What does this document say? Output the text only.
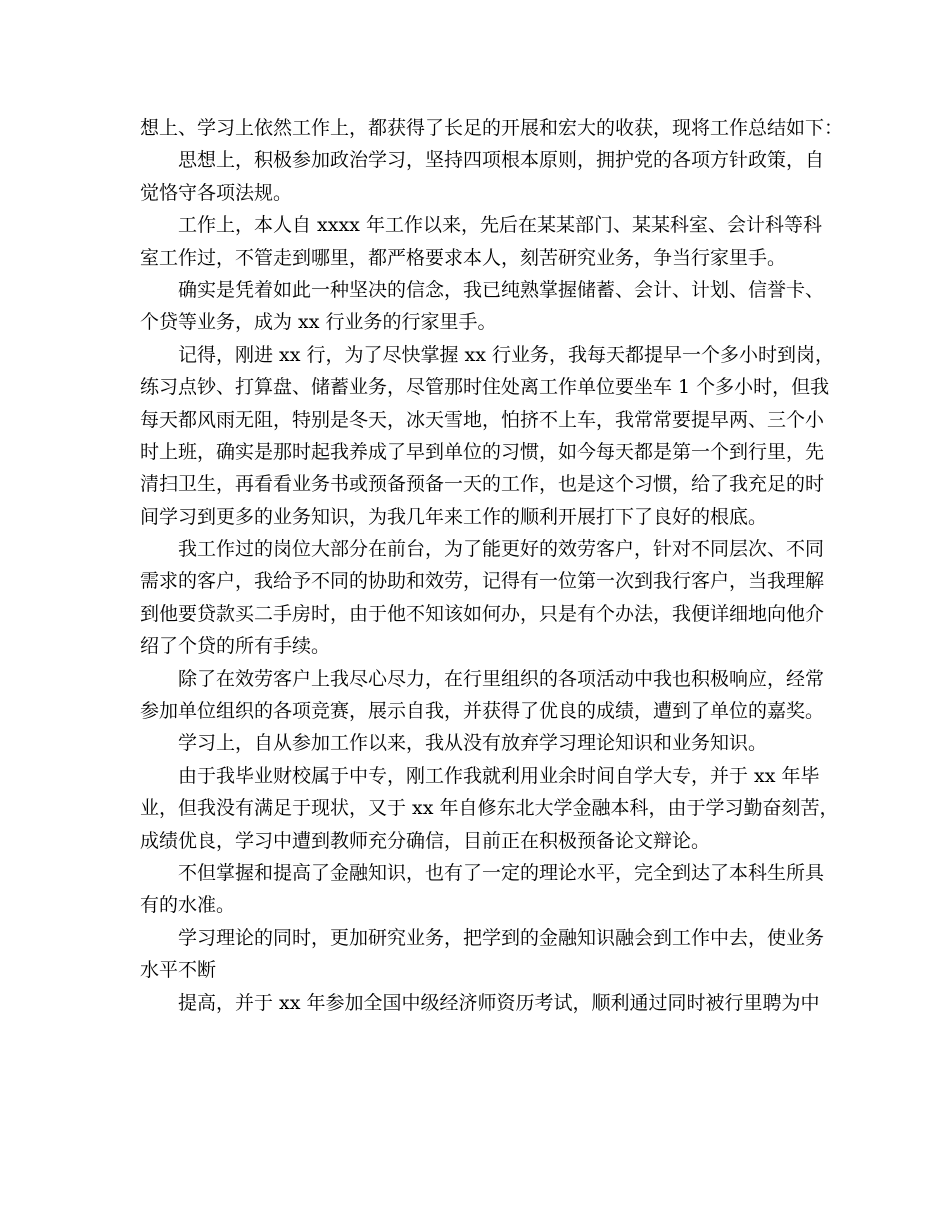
想上、学习上依然工作上，都获得了长足的开展和宏大的收获，现将工作总结如下：
思想上，积极参加政治学习，坚持四项根本原则，拥护党的各项方针政策，自
觉恪守各项法规。
工作上，本人自 xxxx 年工作以来，先后在某某部门、某某科室、会计科等科
室工作过，不管走到哪里，都严格要求本人，刻苦研究业务，争当行家里手。
确实是凭着如此一种坚决的信念，我已纯熟掌握储蓄、会计、计划、信誉卡、
个贷等业务，成为 xx 行业务的行家里手。
记得，刚进 xx 行，为了尽快掌握 xx 行业务，我每天都提早一个多小时到岗，
练习点钞、打算盘、储蓄业务，尽管那时住处离工作单位要坐车 1 个多小时，但我
每天都风雨无阻，特别是冬天，冰天雪地，怕挤不上车，我常常要提早两、三个小
时上班，确实是那时起我养成了早到单位的习惯，如今每天都是第一个到行里，先
清扫卫生，再看看业务书或预备预备一天的工作，也是这个习惯，给了我充足的时
间学习到更多的业务知识，为我几年来工作的顺利开展打下了良好的根底。
我工作过的岗位大部分在前台，为了能更好的效劳客户，针对不同层次、不同
需求的客户，我给予不同的协助和效劳，记得有一位第一次到我行客户，当我理解
到他要贷款买二手房时，由于他不知该如何办，只是有个办法，我便详细地向他介
绍了个贷的所有手续。
除了在效劳客户上我尽心尽力，在行里组织的各项活动中我也积极响应，经常
参加单位组织的各项竞赛，展示自我，并获得了优良的成绩，遭到了单位的嘉奖。
学习上，自从参加工作以来，我从没有放弃学习理论知识和业务知识。
由于我毕业财校属于中专，刚工作我就利用业余时间自学大专，并于 xx 年毕
业，但我没有满足于现状，又于 xx 年自修东北大学金融本科，由于学习勤奋刻苦，
成绩优良，学习中遭到教师充分确信，目前正在积极预备论文辩论。
不但掌握和提高了金融知识，也有了一定的理论水平，完全到达了本科生所具
有的水准。
学习理论的同时，更加研究业务，把学到的金融知识融会到工作中去，使业务
水平不断
提高，并于 xx 年参加全国中级经济师资历考试，顺利通过同时被行里聘为中
